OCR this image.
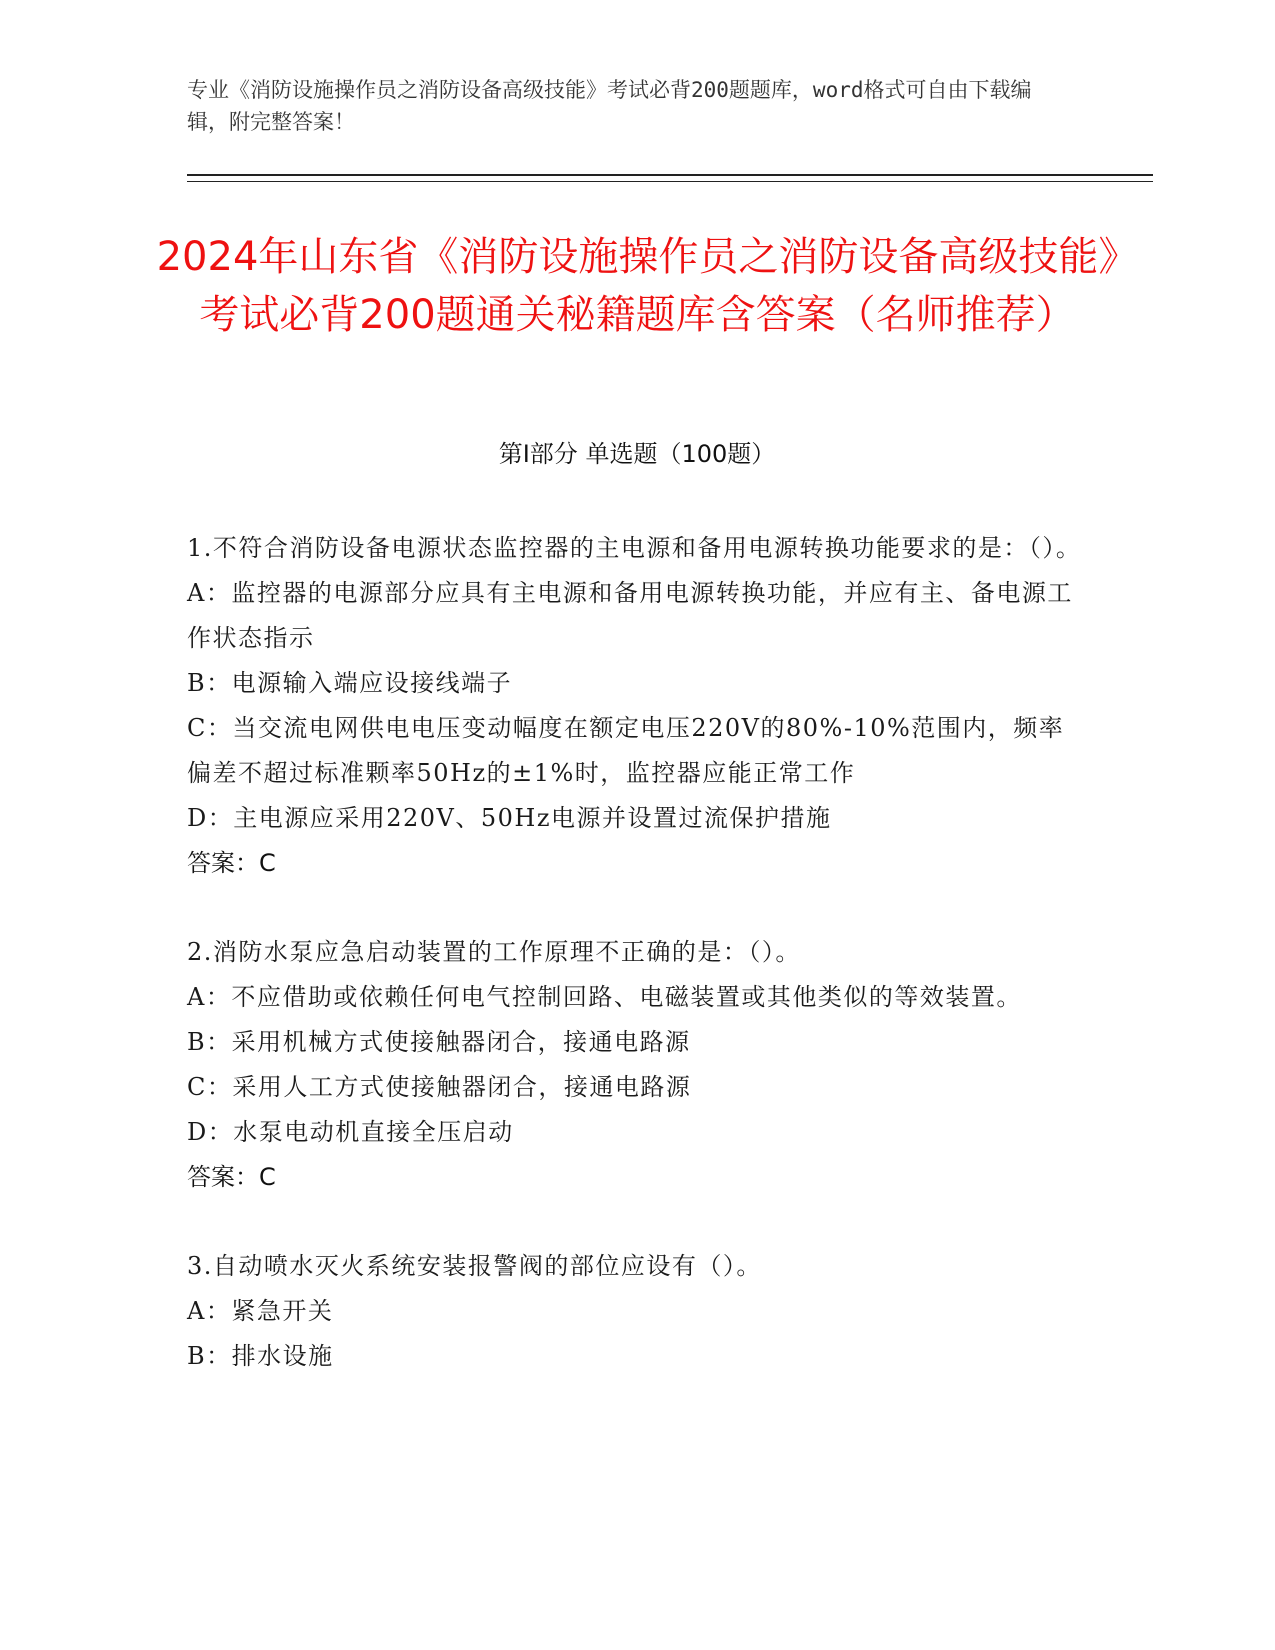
专业《消防设施操作员之消防设备高级技能》考试必背200题题库，word格式可自由下载编辑，附完整答案！
2024年山东省《消防设施操作员之消防设备高级技能》考试必背200题通关秘籍题库含答案（名师推荐）
第Ⅰ部分 单选题（100题）
1.不符合消防设备电源状态监控器的主电源和备用电源转换功能要求的是：（）。
A：监控器的电源部分应具有主电源和备用电源转换功能，并应有主、备电源工作状态指示
B：电源输入端应设接线端子
C：当交流电网供电电压变动幅度在额定电压220V的80%-10%范围内，频率偏差不超过标准颗率50Hz的±1%时，监控器应能正常工作
D：主电源应采用220V、50Hz电源并设置过流保护措施
答案：C
2.消防水泵应急启动装置的工作原理不正确的是：（）。
A：不应借助或依赖任何电气控制回路、电磁装置或其他类似的等效装置。
B：采用机械方式使接触器闭合，接通电路源
C：采用人工方式使接触器闭合，接通电路源
D：水泵电动机直接全压启动
答案：C
3.自动喷水灭火系统安装报警阀的部位应设有（）。
A：紧急开关
B：排水设施
